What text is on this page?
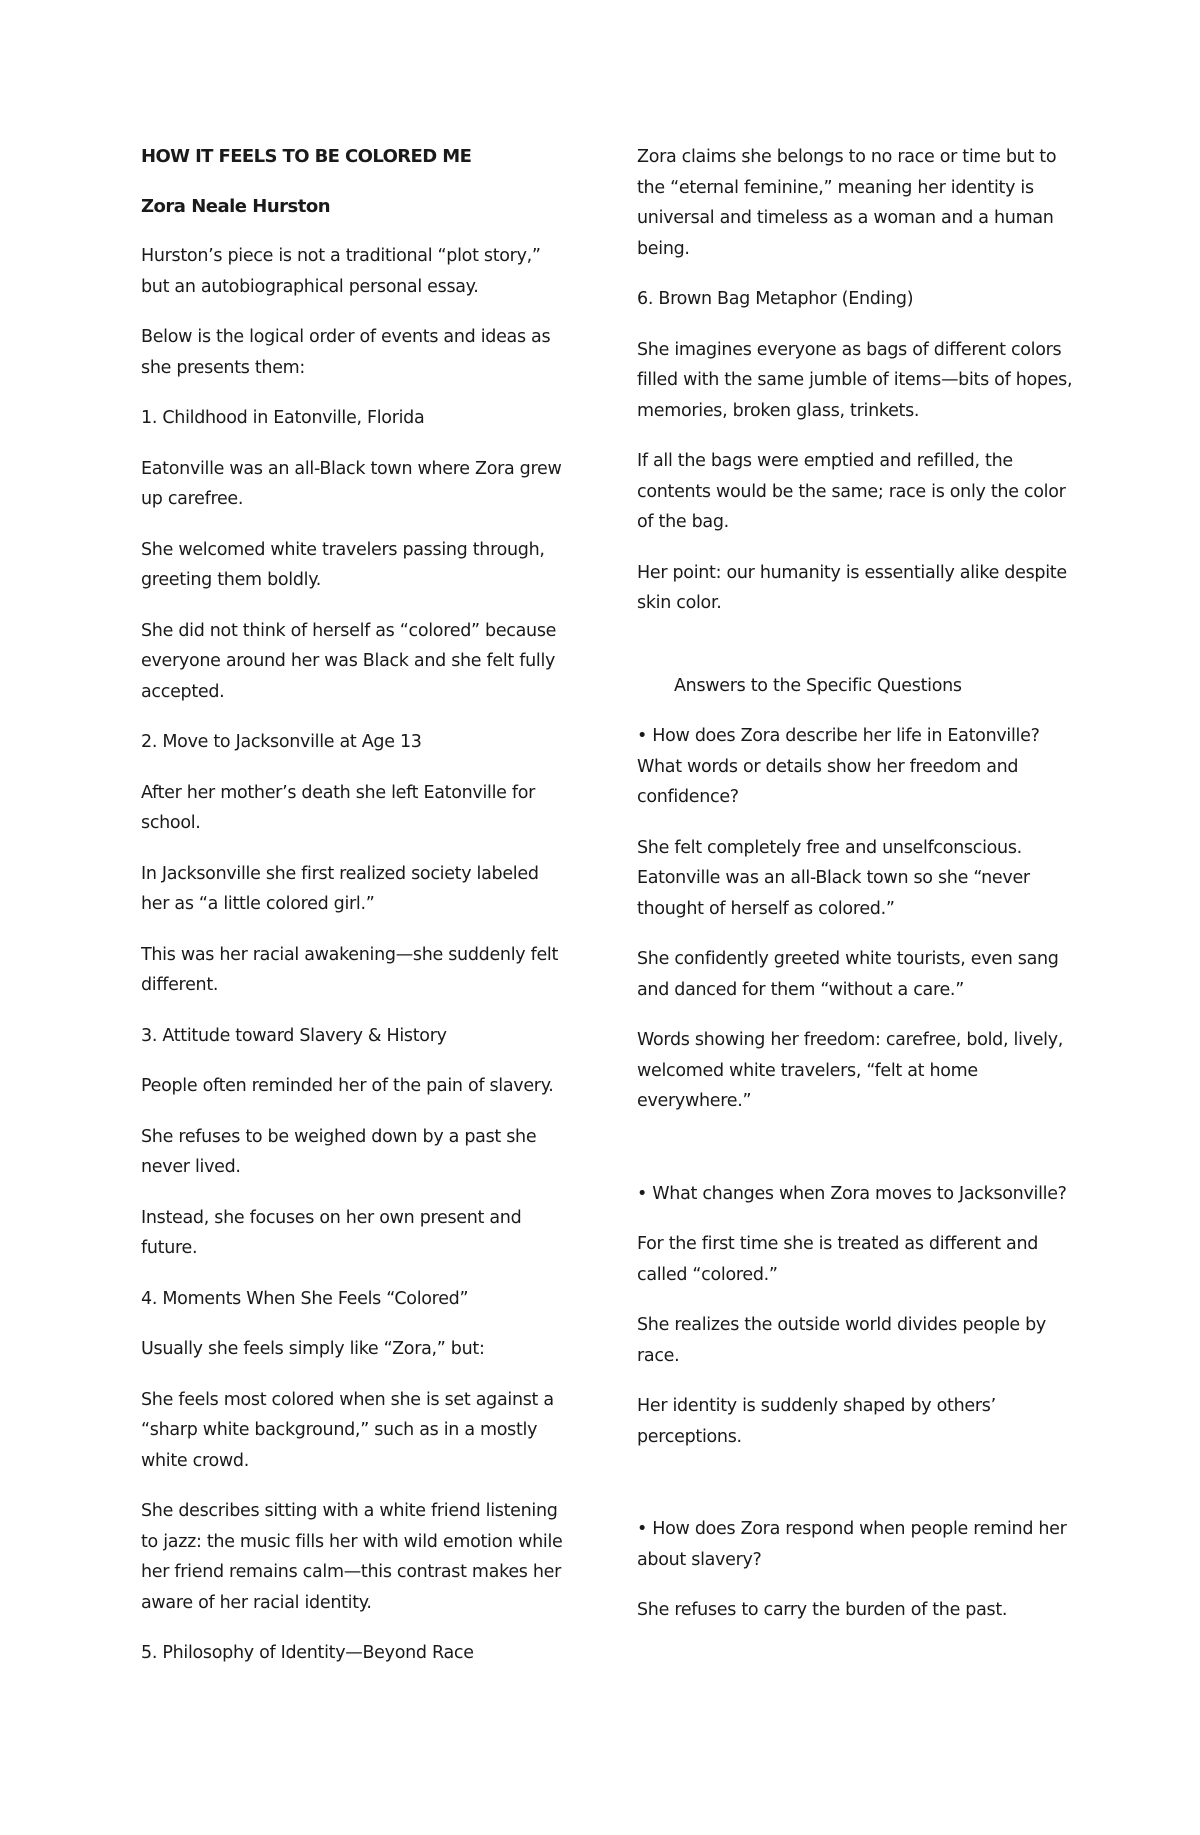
HOW IT FEELS TO BE COLORED ME

Zora Neale Hurston

Hurston’s piece is not a traditional “plot story,” but an autobiographical personal essay.

Below is the logical order of events and ideas as she presents them:

1. Childhood in Eatonville, Florida

Eatonville was an all-Black town where Zora grew up carefree.

She welcomed white travelers passing through, greeting them boldly.

She did not think of herself as “colored” because everyone around her was Black and she felt fully accepted.

2. Move to Jacksonville at Age 13

After her mother’s death she left Eatonville for school.

In Jacksonville she first realized society labeled her as “a little colored girl.”

This was her racial awakening—she suddenly felt different.

3. Attitude toward Slavery & History

People often reminded her of the pain of slavery.

She refuses to be weighed down by a past she never lived.

Instead, she focuses on her own present and future.

4. Moments When She Feels “Colored”

Usually she feels simply like “Zora,” but:

She feels most colored when she is set against a “sharp white background,” such as in a mostly white crowd.

She describes sitting with a white friend listening to jazz: the music fills her with wild emotion while her friend remains calm—this contrast makes her aware of her racial identity.

5. Philosophy of Identity—Beyond Race

Zora claims she belongs to no race or time but to the “eternal feminine,” meaning her identity is universal and timeless as a woman and a human being.

6. Brown Bag Metaphor (Ending)

She imagines everyone as bags of different colors filled with the same jumble of items—bits of hopes, memories, broken glass, trinkets.

If all the bags were emptied and refilled, the contents would be the same; race is only the color of the bag.

Her point: our humanity is essentially alike despite skin color.

Answers to the Specific Questions

• How does Zora describe her life in Eatonville? What words or details show her freedom and confidence?

She felt completely free and unselfconscious. Eatonville was an all-Black town so she “never thought of herself as colored.”

She confidently greeted white tourists, even sang and danced for them “without a care.”

Words showing her freedom: carefree, bold, lively, welcomed white travelers, “felt at home everywhere.”

• What changes when Zora moves to Jacksonville?

For the first time she is treated as different and called “colored.”

She realizes the outside world divides people by race.

Her identity is suddenly shaped by others’ perceptions.

• How does Zora respond when people remind her about slavery?

She refuses to carry the burden of the past.
